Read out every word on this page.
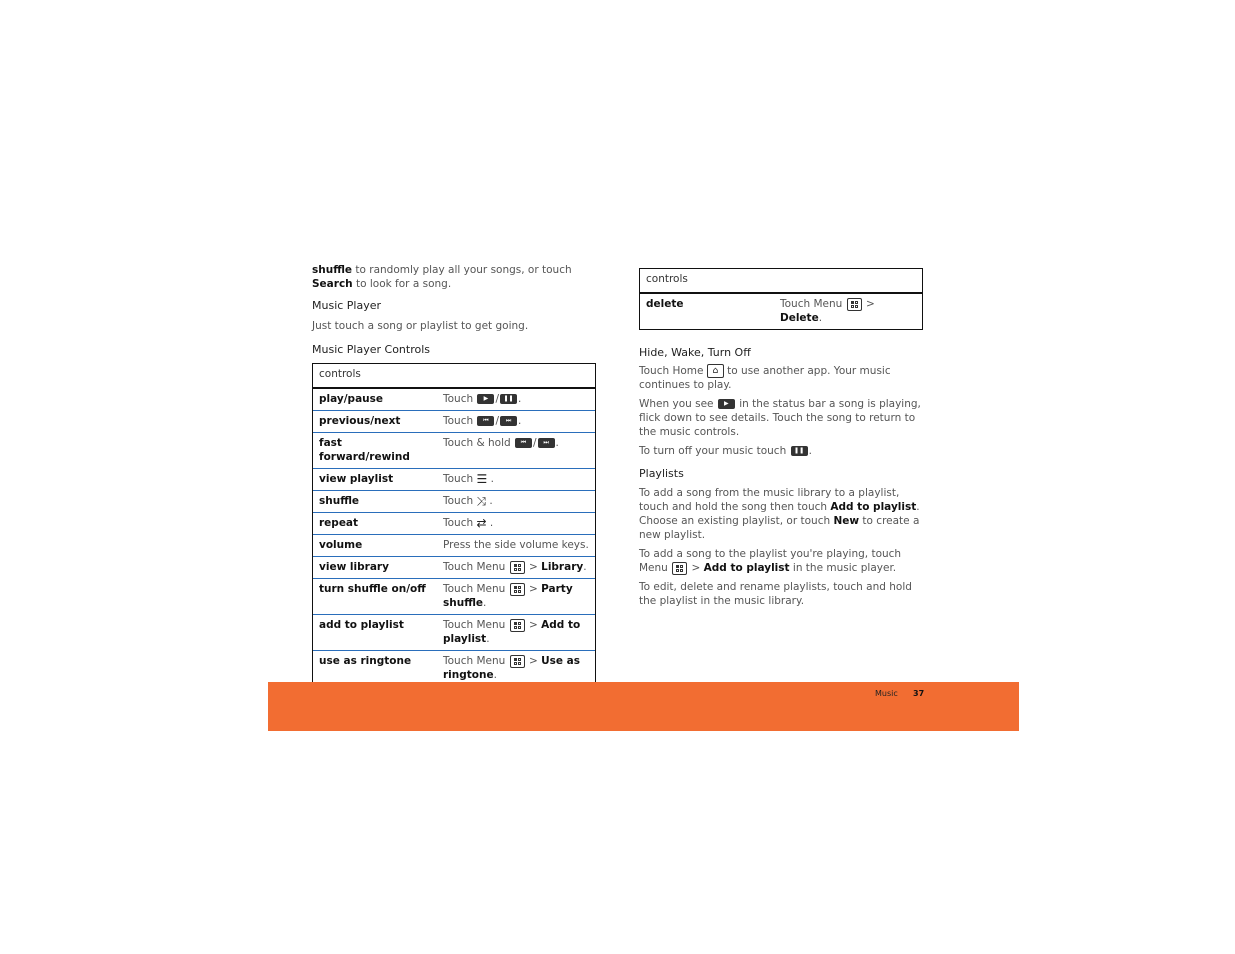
shuffle to randomly play all your songs, or touch Search to look for a song.

Music Player

Just touch a song or playlist to get going.

Music Player Controls

controls	
play/pause	Touch ▶ / ❚❚ .
previous/next	Touch ⏮ / ⏭ .
fast forward/rewind	Touch & hold ⏮ / ⏭ .
view playlist	Touch ☰ .
shuffle	Touch ⤨ .
repeat	Touch ⇄ .
volume	Press the side volume keys.
view library	Touch Menu
> Library.
turn shuffle on/off	Touch Menu
> Party shuffle.
add to playlist	Touch Menu
> Add to playlist.
use as ringtone	Touch Menu
> Use as ringtone.
controls
delete	Touch Menu
> Delete.

Hide, Wake, Turn Off

Touch Home ⌂ to use another app. Your music continues to play.

When you see ▶ in the status bar a song is playing, flick down to see details. Touch the song to return to the music controls.

To turn off your music touch ❚❚ .

Playlists

To add a song from the music library to a playlist, touch and hold the song then touch Add to playlist. Choose an existing playlist, or touch New to create a new playlist.

To add a song to the playlist you're playing, touch Menu
> Add to playlist in the music player.

To edit, delete and rename playlists, touch and hold the playlist in the music library.

Music 37
